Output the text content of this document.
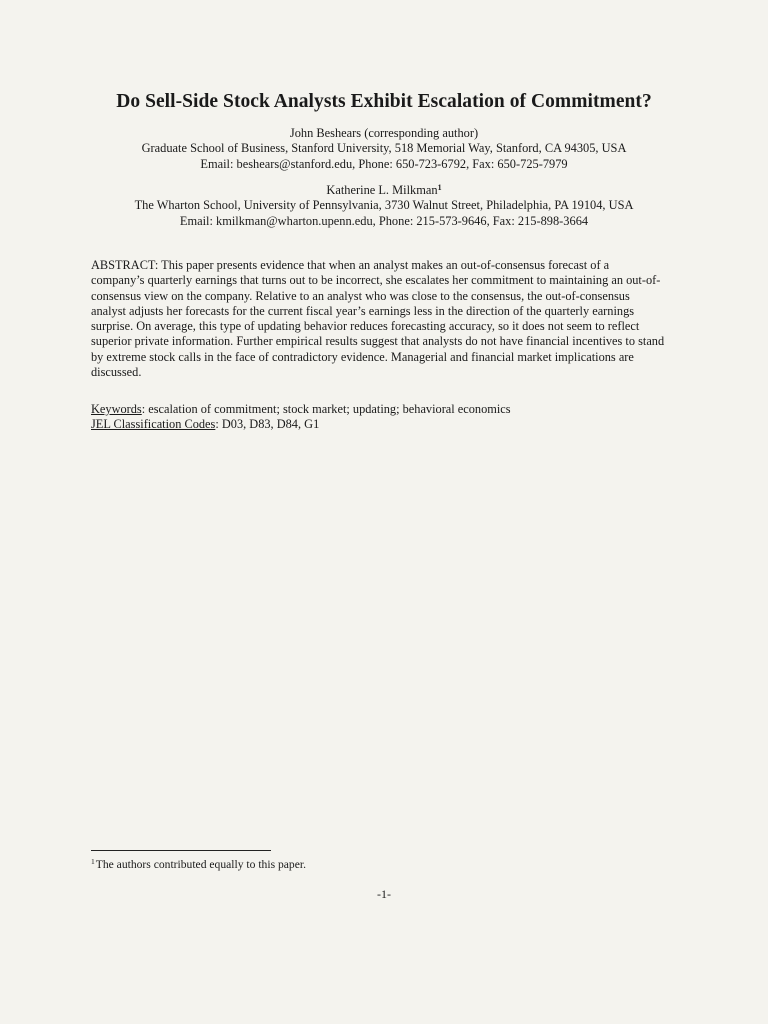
Do Sell-Side Stock Analysts Exhibit Escalation of Commitment?
John Beshears (corresponding author)
Graduate School of Business, Stanford University, 518 Memorial Way, Stanford, CA 94305, USA
Email: beshears@stanford.edu, Phone: 650-723-6792, Fax: 650-725-7979
Katherine L. Milkman$^1$
The Wharton School, University of Pennsylvania, 3730 Walnut Street, Philadelphia, PA 19104, USA
Email: kmilkman@wharton.upenn.edu, Phone: 215-573-9646, Fax: 215-898-3664
ABSTRACT: This paper presents evidence that when an analyst makes an out-of-consensus forecast of a
company’s quarterly earnings that turns out to be incorrect, she escalates her commitment to maintaining an out-of-
consensus view on the company. Relative to an analyst who was close to the consensus, the out-of-consensus
analyst adjusts her forecasts for the current fiscal year’s earnings less in the direction of the quarterly earnings
surprise. On average, this type of updating behavior reduces forecasting accuracy, so it does not seem to reflect
superior private information. Further empirical results suggest that analysts do not have financial incentives to stand
by extreme stock calls in the face of contradictory evidence. Managerial and financial market implications are
discussed.
Keywords: escalation of commitment; stock market; updating; behavioral economics
JEL Classification Codes: D03, D83, D84, G1
$^1$The authors contributed equally to this paper.
-1-
